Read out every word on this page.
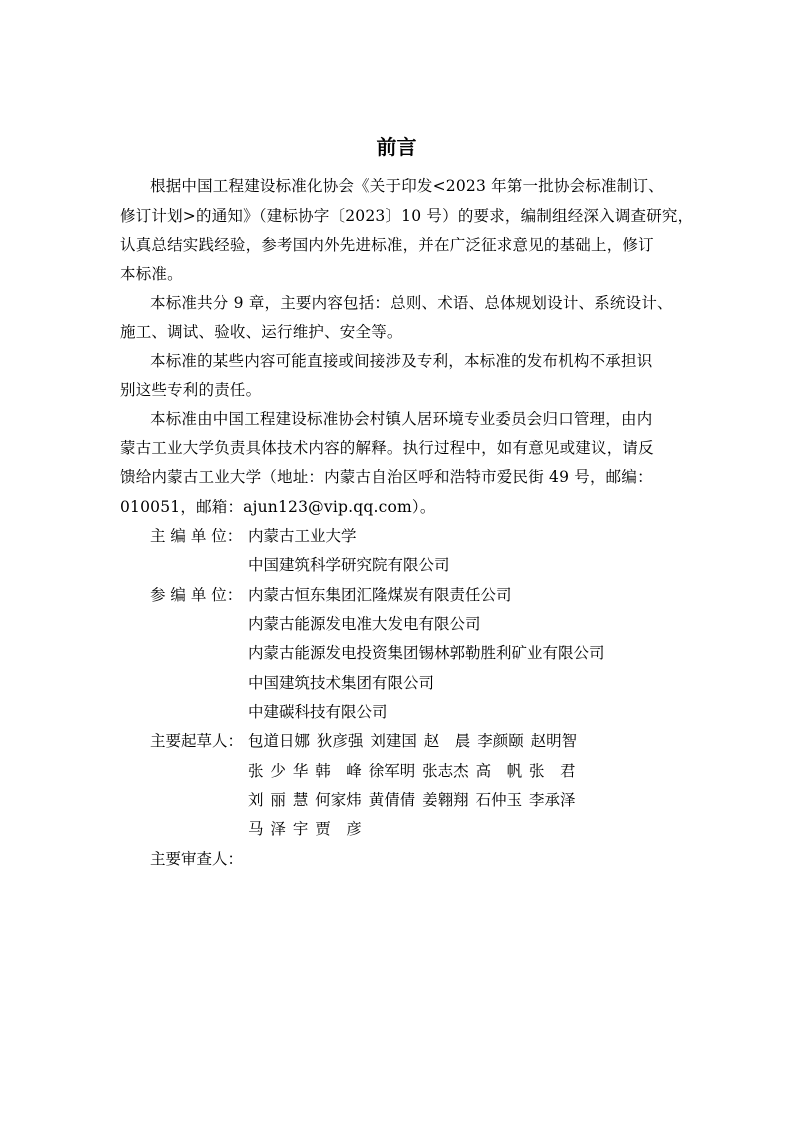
前言
根据中国工程建设标准化协会《关于印发<2023 年第一批协会标准制订、
修订计划>的通知》（建标协字〔2023〕10 号）的要求，编制组经深入调查研究，
认真总结实践经验，参考国内外先进标准，并在广泛征求意见的基础上，修订
本标准。
本标准共分 9 章，主要内容包括：总则、术语、总体规划设计、系统设计、
施工、调试、验收、运行维护、安全等。
本标准的某些内容可能直接或间接涉及专利，本标准的发布机构不承担识
别这些专利的责任。
本标准由中国工程建设标准协会村镇人居环境专业委员会归口管理，由内
蒙古工业大学负责具体技术内容的解释。执行过程中，如有意见或建议，请反
馈给内蒙古工业大学（地址：内蒙古自治区呼和浩特市爱民街 49 号，邮编：
010051，邮箱：ajun123@vip.qq.com）。
主 编 单 位： 内蒙古工业大学
中国建筑科学研究院有限公司
参 编 单 位： 内蒙古恒东集团汇隆煤炭有限责任公司
内蒙古能源发电准大发电有限公司
内蒙古能源发电投资集团锡林郭勒胜利矿业有限公司
中国建筑技术集团有限公司
中建碳科技有限公司
主要起草人： 包道日娜 狄彦强 刘建国 赵　晨 李颜颐 赵明智
张 少 华 韩　峰 徐军明 张志杰 高　帆 张　君
刘 丽 慧 何家炜 黄倩倩 姜翱翔 石仲玉 李承泽
马 泽 宇 贾　彦
主要审查人：
